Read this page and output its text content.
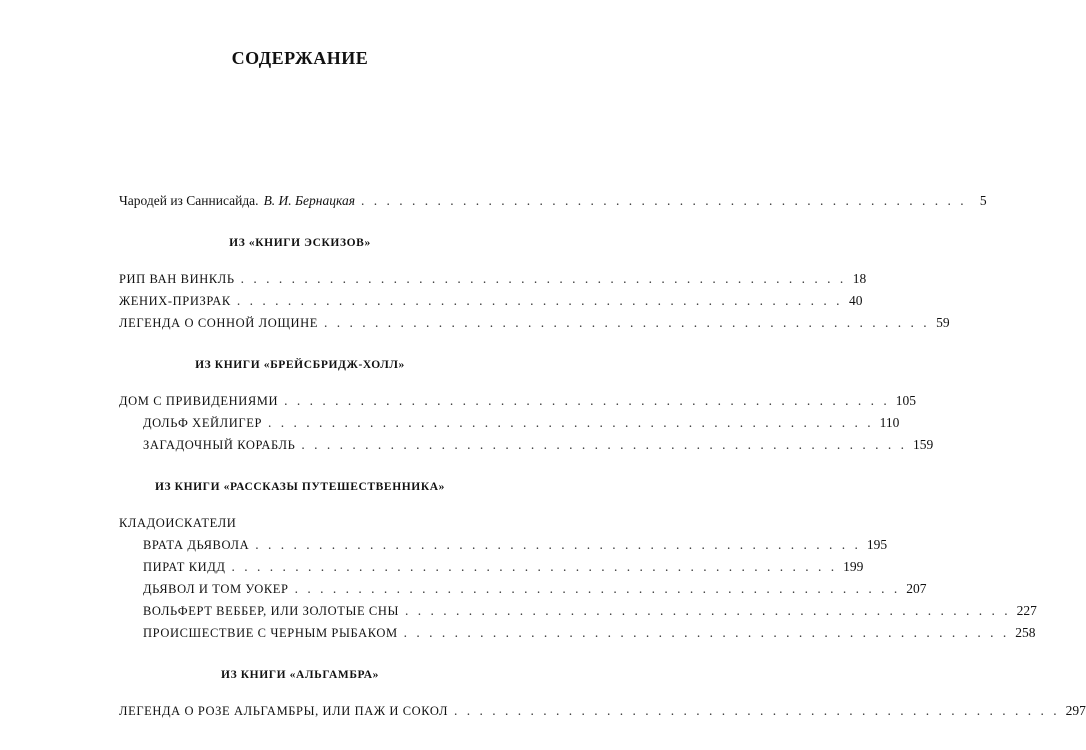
СОДЕРЖАНИЕ
Чародей из Саннисайда. В. И. Бернацкая . . . . . . . . . . . . . . . . . . . . . . . . . . . . . . . . . . . . . . . . . . . . . . . . 5
ИЗ «КНИГИ ЭСКИЗОВ»
РИП ВАН ВИНКЛЬ . . . . . . . . . . . . . . . . . . . . . . . . . . . . . . . . . . . . . . . . . . . . . . . . 18
ЖЕНИХ-ПРИЗРАК . . . . . . . . . . . . . . . . . . . . . . . . . . . . . . . . . . . . . . . . . . . . . . . . 40
ЛЕГЕНДА О СОННОЙ ЛОЩИНЕ . . . . . . . . . . . . . . . . . . . . . . . . . . . . . . . . . . . . . . . . . . . . . . . . 59
ИЗ КНИГИ «БРЕЙСБРИДЖ-ХОЛЛ»
ДОМ С ПРИВИДЕНИЯМИ . . . . . . . . . . . . . . . . . . . . . . . . . . . . . . . . . . . . . . . . . . . . . . . . 105
ДОЛЬФ ХЕЙЛИГЕР . . . . . . . . . . . . . . . . . . . . . . . . . . . . . . . . . . . . . . . . . . . . . . . . 110
ЗАГАДОЧНЫЙ КОРАБЛЬ . . . . . . . . . . . . . . . . . . . . . . . . . . . . . . . . . . . . . . . . . . . . . . . . 159
ИЗ КНИГИ «РАССКАЗЫ ПУТЕШЕСТВЕННИКА»
КЛАДОИСКАТЕЛИ
ВРАТА ДЬЯВОЛА . . . . . . . . . . . . . . . . . . . . . . . . . . . . . . . . . . . . . . . . . . . . . . . . 195
ПИРАТ КИДД . . . . . . . . . . . . . . . . . . . . . . . . . . . . . . . . . . . . . . . . . . . . . . . . 199
ДЬЯВОЛ И ТОМ УОКЕР . . . . . . . . . . . . . . . . . . . . . . . . . . . . . . . . . . . . . . . . . . . . . . . . 207
ВОЛЬФЕРТ ВЕББЕР, ИЛИ ЗОЛОТЫЕ СНЫ . . . . . . . . . . . . . . . . . . . . . . . . . . . . . . . . . . . . . . . . . . . . . . . . 227
ПРОИСШЕСТВИЕ С ЧЕРНЫМ РЫБАКОМ . . . . . . . . . . . . . . . . . . . . . . . . . . . . . . . . . . . . . . . . . . . . . . . . 258
ИЗ КНИГИ «АЛЬГАМБРА»
ЛЕГЕНДА О РОЗЕ АЛЬГАМБРЫ, ИЛИ ПАЖ И СОКОЛ . . . . . . . . . . . . . . . . . . . . . . . . . . . . . . . . . . . . . . . . . . . . . . . . 297
